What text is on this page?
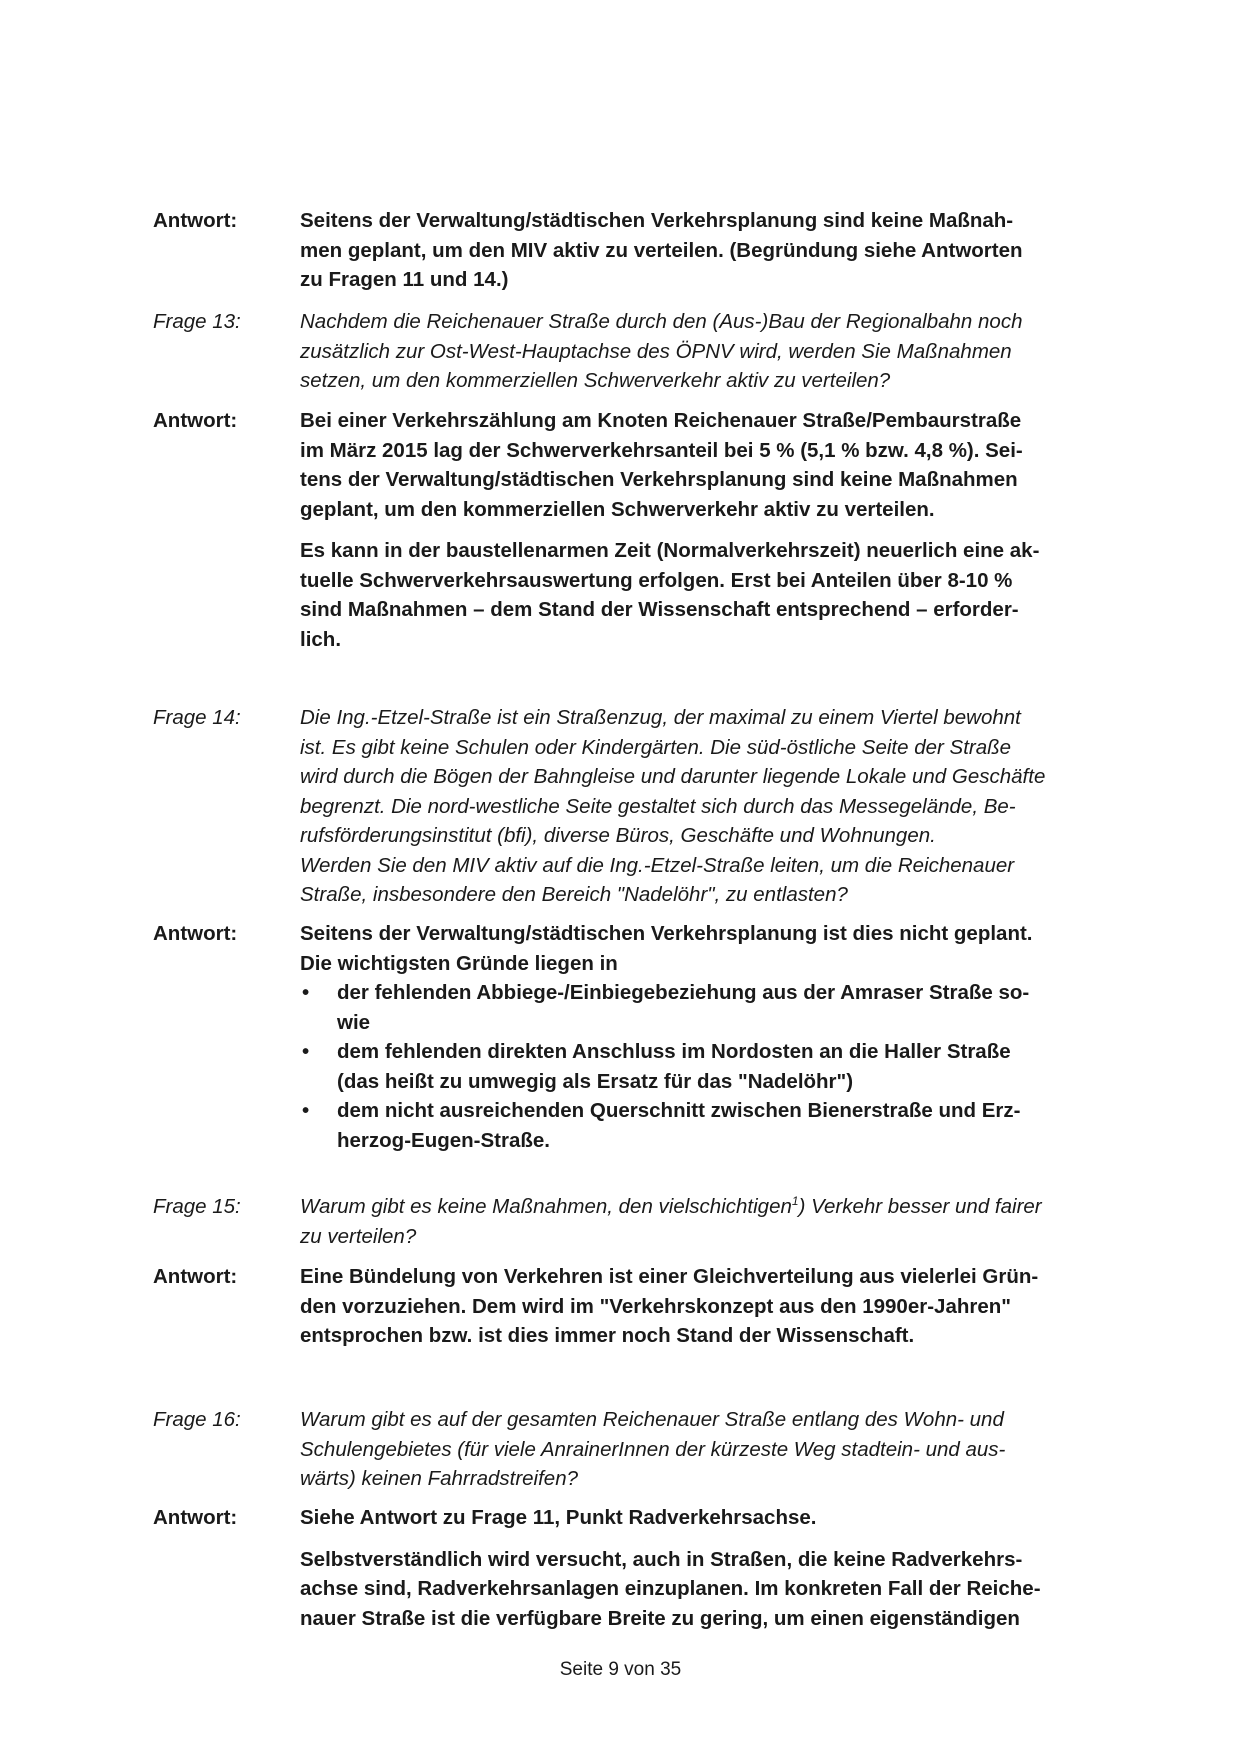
Antwort:	Seitens der Verwaltung/städtischen Verkehrsplanung sind keine Maßnah-
men geplant, um den MIV aktiv zu verteilen. (Begründung siehe Antworten
zu Fragen 11 und 14.)
Frage 13:	Nachdem die Reichenauer Straße durch den (Aus-)Bau der Regionalbahn noch
zusätzlich zur Ost-West-Hauptachse des ÖPNV wird, werden Sie Maßnahmen
setzen, um den kommerziellen Schwerverkehr aktiv zu verteilen?
Antwort:	Bei einer Verkehrszählung am Knoten Reichenauer Straße/Pembaurstraße
im März 2015 lag der Schwerverkehrsanteil bei 5 % (5,1 % bzw. 4,8 %). Sei-
tens der Verwaltung/städtischen Verkehrsplanung sind keine Maßnahmen
geplant, um den kommerziellen Schwerverkehr aktiv zu verteilen.
Es kann in der baustellenarmen Zeit (Normalverkehrszeit) neuerlich eine ak-
tuelle Schwerverkehrsauswertung erfolgen. Erst bei Anteilen über 8-10 %
sind Maßnahmen – dem Stand der Wissenschaft entsprechend – erforder-
lich.
Frage 14:	Die Ing.-Etzel-Straße ist ein Straßenzug, der maximal zu einem Viertel bewohnt
ist. Es gibt keine Schulen oder Kindergärten. Die süd-östliche Seite der Straße
wird durch die Bögen der Bahngleise und darunter liegende Lokale und Geschäfte
begrenzt. Die nord-westliche Seite gestaltet sich durch das Messegelände, Be-
rufsförderungsinstitut (bfi), diverse Büros, Geschäfte und Wohnungen.
Werden Sie den MIV aktiv auf die Ing.-Etzel-Straße leiten, um die Reichenauer
Straße, insbesondere den Bereich "Nadelöhr", zu entlasten?
Antwort:	Seitens der Verwaltung/städtischen Verkehrsplanung ist dies nicht geplant.
Die wichtigsten Gründe liegen in
•	der fehlenden Abbiege-/Einbiegebeziehung aus der Amraser Straße so-
wie
•	dem fehlenden direkten Anschluss im Nordosten an die Haller Straße
(das heißt zu umwegig als Ersatz für das "Nadelöhr")
•	dem nicht ausreichenden Querschnitt zwischen Bienerstraße und Erz-
herzog-Eugen-Straße.
Frage 15:	Warum gibt es keine Maßnahmen, den vielschichtigen$^1$) Verkehr besser und fairer
zu verteilen?
Antwort:	Eine Bündelung von Verkehren ist einer Gleichverteilung aus vielerlei Grün-
den vorzuziehen. Dem wird im "Verkehrskonzept aus den 1990er-Jahren"
entsprochen bzw. ist dies immer noch Stand der Wissenschaft.
Frage 16:	Warum gibt es auf der gesamten Reichenauer Straße entlang des Wohn- und
Schulengebietes (für viele AnrainerInnen der kürzeste Weg stadtein- und aus-
wärts) keinen Fahrradstreifen?
Antwort:	Siehe Antwort zu Frage 11, Punkt Radverkehrsachse.
Selbstverständlich wird versucht, auch in Straßen, die keine Radverkehrs-
achse sind, Radverkehrsanlagen einzuplanen. Im konkreten Fall der Reiche-
nauer Straße ist die verfügbare Breite zu gering, um einen eigenständigen
Seite 9 von 35
